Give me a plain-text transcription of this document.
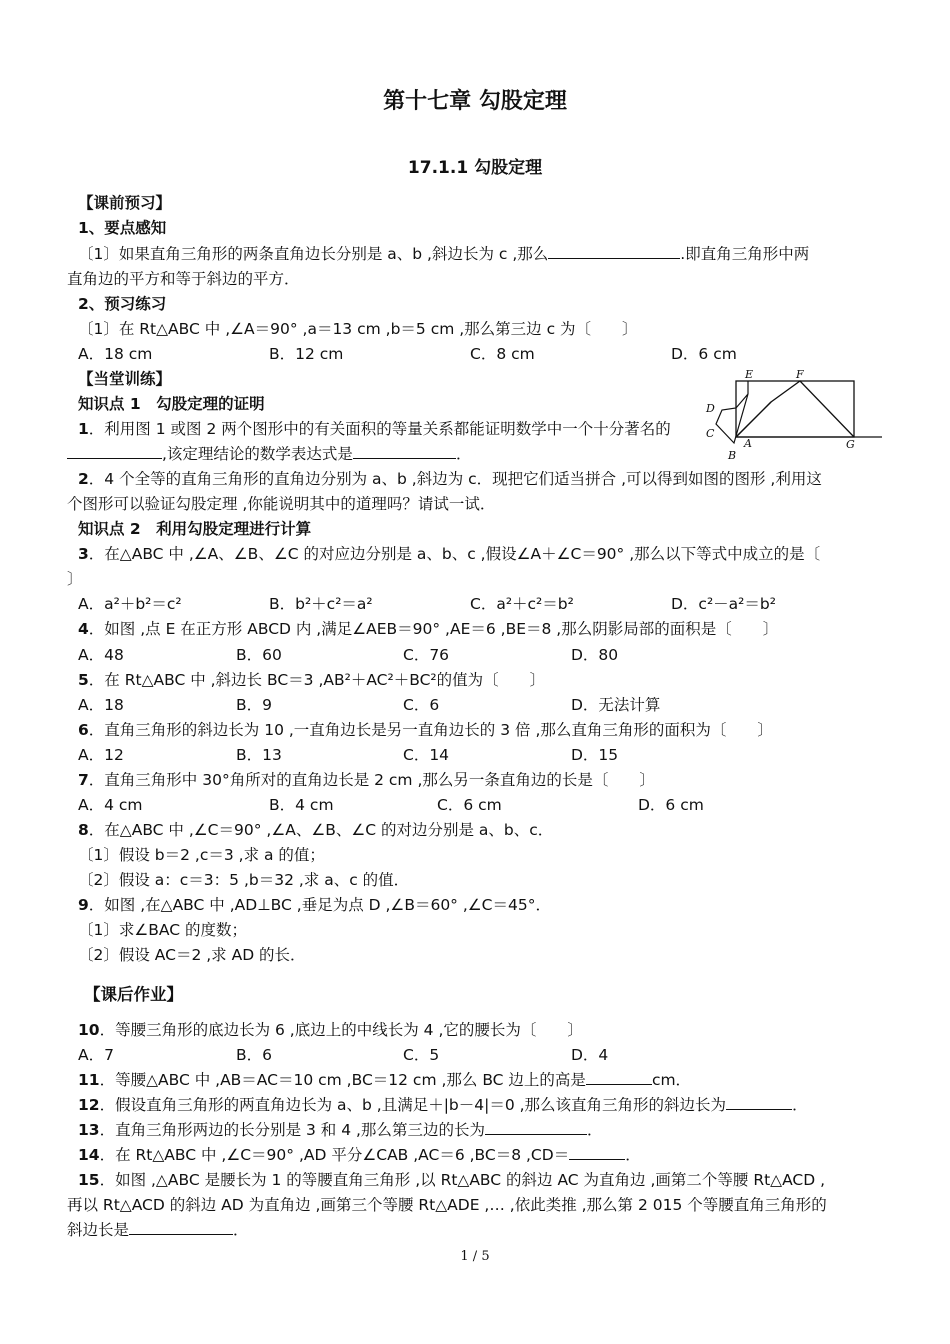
第十七章 勾股定理
17.1.1 勾股定理
【课前预习】
1、要点感知
〔1〕如果直角三角形的两条直角边长分别是 a、b ,斜边长为 c ,那么	.即直角三角形中两
直角边的平方和等于斜边的平方．
2、预习练习
〔1〕在 Rt△ABC 中 ,∠A＝90° ,a＝13 cm ,b＝5 cm ,那么第三边 c 为〔　　〕
A．18 cm	B．12 cm	C．8 cm	D．6 cm
【当堂训练】
知识点 1　勾股定理的证明
E	F
D
C
A
B
G
1．利用图 1 或图 2 两个图形中的有关面积的等量关系都能证明数学中一个十分著名的
,该定理结论的数学表达式是	．
2．4 个全等的直角三角形的直角边分别为 a、b ,斜边为 c．现把它们适当拼合 ,可以得到如图的图形 ,利用这
个图形可以验证勾股定理 ,你能说明其中的道理吗？请试一试．
知识点 2　利用勾股定理进行计算
3．在△ABC 中 ,∠A、∠B、∠C 的对应边分别是 a、b、c ,假设∠A＋∠C＝90° ,那么以下等式中成立的是〔
〕
A．a²＋b²＝c²	B．b²＋c²＝a²	C．a²＋c²＝b²	D．c²－a²＝b²
4．如图 ,点 E 在正方形 ABCD 内 ,满足∠AEB＝90° ,AE＝6 ,BE＝8 ,那么阴影局部的面积是〔　　〕
A．48	B．60	C．76	D．80
5．在 Rt△ABC 中 ,斜边长 BC＝3 ,AB²＋AC²＋BC²的值为〔　　〕
A．18	B．9	C．6	D．无法计算
6．直角三角形的斜边长为 10 ,一直角边长是另一直角边长的 3 倍 ,那么直角三角形的面积为〔　　〕
A．12	B．13	C．14	D．15
7．直角三角形中 30°角所对的直角边长是 2 cm ,那么另一条直角边的长是〔　　〕
A．4 cm	B．4 cm	C．6 cm	D．6 cm
8．在△ABC 中 ,∠C＝90° ,∠A、∠B、∠C 的对边分别是 a、b、c．
〔1〕假设 b＝2 ,c＝3 ,求 a 的值；
〔2〕假设 a：c＝3：5 ,b＝32 ,求 a、c 的值．
9．如图 ,在△ABC 中 ,AD⊥BC ,垂足为点 D ,∠B＝60° ,∠C＝45°．
〔1〕求∠BAC 的度数；
〔2〕假设 AC＝2 ,求 AD 的长．
【课后作业】
10．等腰三角形的底边长为 6 ,底边上的中线长为 4 ,它的腰长为〔　　〕
A．7	B．6	C．5	D．4
11．等腰△ABC 中 ,AB＝AC＝10 cm ,BC＝12 cm ,那么 BC 边上的高是	cm．
12．假设直角三角形的两直角边长为 a、b ,且满足＋|b－4|＝0 ,那么该直角三角形的斜边长为	．
13．直角三角形两边的长分别是 3 和 4 ,那么第三边的长为	．
14．在 Rt△ABC 中 ,∠C＝90° ,AD 平分∠CAB ,AC＝6 ,BC＝8 ,CD＝	．
15．如图 ,△ABC 是腰长为 1 的等腰直角三角形 ,以 Rt△ABC 的斜边 AC 为直角边 ,画第二个等腰 Rt△ACD ,
再以 Rt△ACD 的斜边 AD 为直角边 ,画第三个等腰 Rt△ADE ,… ,依此类推 ,那么第 2 015 个等腰直角三角形的
斜边长是	．
1 / 5
